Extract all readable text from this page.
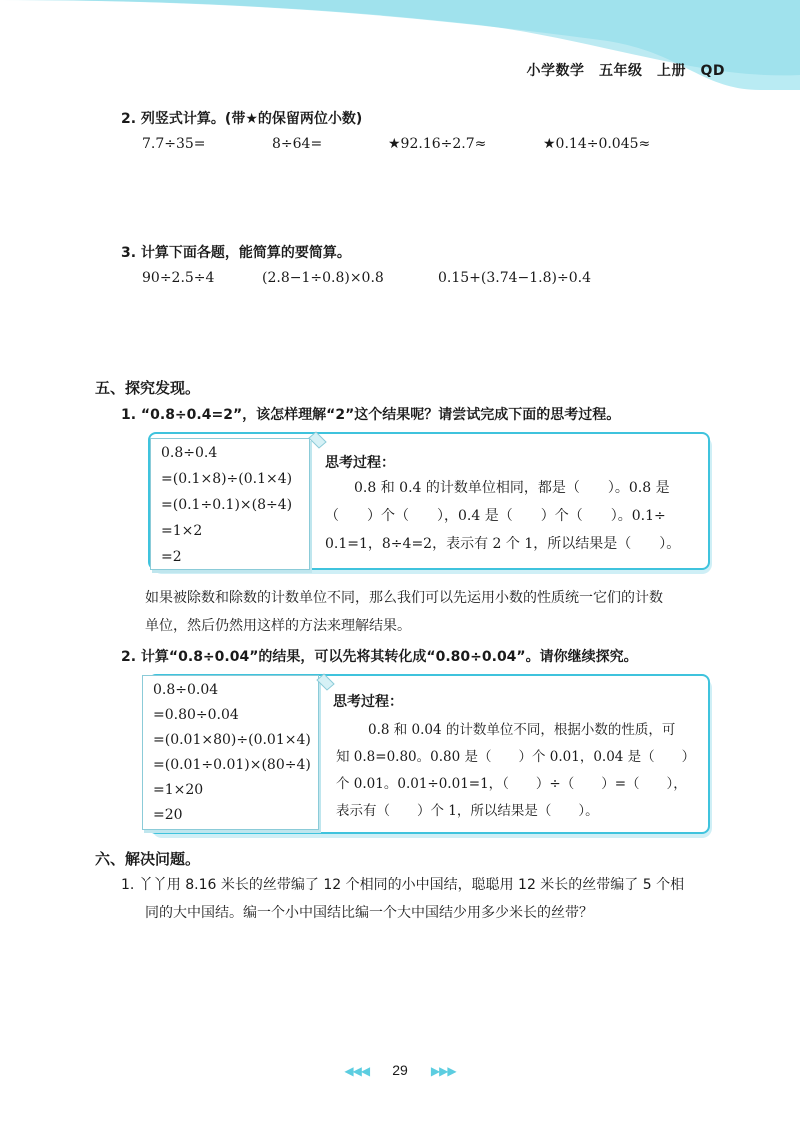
小学数学　五年级　上册　QD
2. 列竖式计算。(带★的保留两位小数)
7.7÷35=	8÷64=	★92.16÷2.7≈	★0.14÷0.045≈
3. 计算下面各题，能简算的要简算。
90÷2.5÷4	(2.8−1÷0.8)×0.8	0.15+(3.74−1.8)÷0.4
五、探究发现。
1. “0.8÷0.4=2”，该怎样理解“2”这个结果呢？请尝试完成下面的思考过程。
0.8÷0.4
=(0.1×8)÷(0.1×4)
=(0.1÷0.1)×(8÷4)
=1×2
=2
思考过程：
0.8 和 0.4 的计数单位相同，都是（　　）。0.8 是
（　　）个（　　），0.4 是（　　）个（　　）。0.1÷
0.1=1，8÷4=2，表示有 2 个 1，所以结果是（　　）。
如果被除数和除数的计数单位不同，那么我们可以先运用小数的性质统一它们的计数
单位，然后仍然用这样的方法来理解结果。
2. 计算“0.8÷0.04”的结果，可以先将其转化成“0.80÷0.04”。请你继续探究。
0.8÷0.04
=0.80÷0.04
=(0.01×80)÷(0.01×4)
=(0.01÷0.01)×(80÷4)
=1×20
=20
思考过程：
0.8 和 0.04 的计数单位不同，根据小数的性质，可
知 0.8=0.80。0.80 是（　　）个 0.01，0.04 是（　　）
个 0.01。0.01÷0.01=1，（　　）÷（　　）=（　　），
表示有（　　）个 1，所以结果是（　　）。
六、解决问题。
1. 丫丫用 8.16 米长的丝带编了 12 个相同的小中国结，聪聪用 12 米长的丝带编了 5 个相
同的大中国结。编一个小中国结比编一个大中国结少用多少米长的丝带？
◀◀◀ 29 ▶▶▶
